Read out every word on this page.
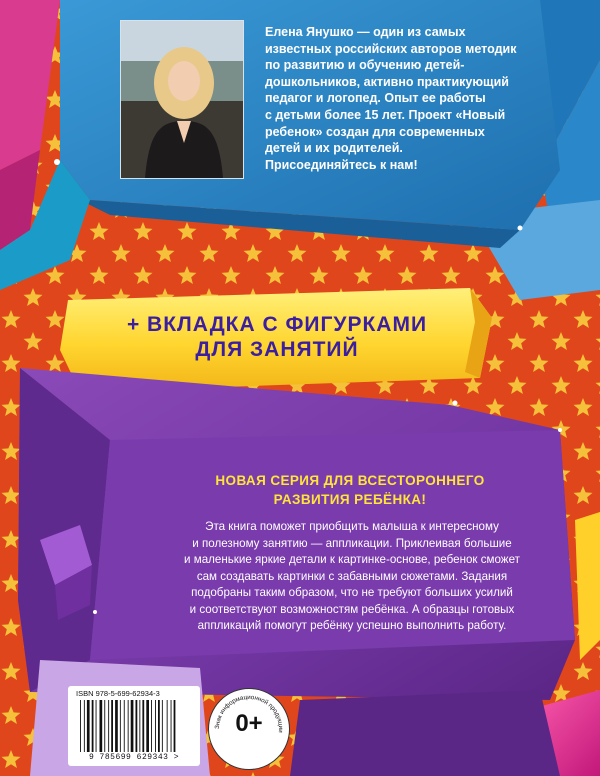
Елена Янушко — один из самых
известных российских авторов методик
по развитию и обучению детей-
дошкольников, активно практикующий
педагог и логопед. Опыт ее работы
с детьми более 15 лет. Проект «Новый
ребенок» создан для современных
детей и их родителей.
Присоединяйтесь к нам!
+ ВКЛАДКА С ФИГУРКАМИ
ДЛЯ ЗАНЯТИЙ
НОВАЯ СЕРИЯ ДЛЯ ВСЕСТОРОННЕГО
РАЗВИТИЯ РЕБЁНКА!
Эта книга поможет приобщить малыша к интересному
и полезному занятию — аппликации. Приклеивая большие
и маленькие яркие детали к картинке-основе, ребенок сможет
сам создавать картинки с забавными сюжетами. Задания
подобраны таким образом, что не требуют больших усилий
и соответствуют возможностям ребёнка. А образцы готовых
аппликаций помогут ребёнку успешно выполнить работу.
ISBN 978-5-699-62934-3
9 785699 629343 >
Знак информационной продукции
0+
